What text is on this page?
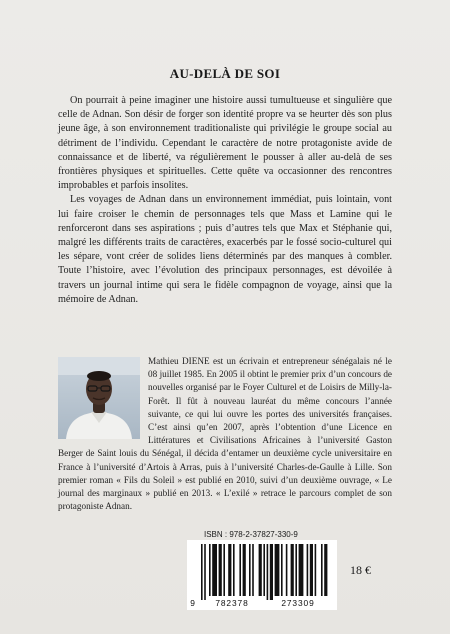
AU-DELÀ DE SOI

On pourrait à peine imaginer une histoire aussi tumultueuse et singulière que celle de Adnan. Son désir de forger son identité propre va se heurter dès son plus jeune âge, à son environnement traditionaliste qui privilégie le groupe social au détriment de l’individu. Cependant le caractère de notre protagoniste avide de connaissance et de liberté, va régulièrement le pousser à aller au-delà de ses frontières physiques et spirituelles. Cette quête va occasionner des rencontres improbables et parfois insolites.

Les voyages de Adnan dans un environnement immédiat, puis lointain, vont lui faire croiser le chemin de personnages tels que Mass et Lamine qui le renforceront dans ses aspirations ; puis d’autres tels que Max et Stéphanie qui, malgré les différents traits de caractères, exacerbés par le fossé socio-culturel qui les sépare, vont créer de solides liens déterminés par des manques à combler. Toute l’histoire, avec l’évolution des principaux personnages, est dévoilée à travers un journal intime qui sera le fidèle compagnon de voyage, ainsi que la mémoire de Adnan.

Mathieu DIENE est un écrivain et entrepreneur sénégalais né le 08 juillet 1985. En 2005 il obtint le premier prix d’un concours de nouvelles organisé par le Foyer Culturel et de Loisirs de Milly-la-Forêt. Il fût à nouveau lauréat du même concours l’année suivante, ce qui lui ouvre les portes des universités françaises. C’est ainsi qu’en 2007, après l’obtention d’une Licence en Littératures et Civilisations Africaines à l’université Gaston Berger de Saint louis du Sénégal, il décida d’entamer un deuxième cycle universitaire en France à l’université d’Artois à Arras, puis à l’université Charles-de-Gaulle à Lille. Son premier roman « Fils du Soleil » est publié en 2010, suivi d’un deuxième ouvrage, « Le journal des marginaux » publié en 2013. « L’exilé » retrace le parcours complet de son protagoniste Adnan.

ISBN : 978-2-37827-330-9
9	782378	273309
18 €
